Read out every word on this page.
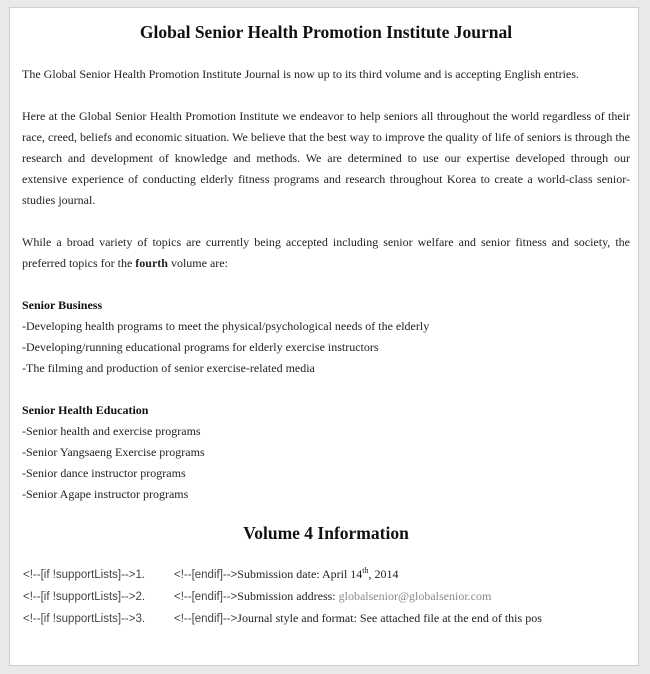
Global Senior Health Promotion Institute Journal

The Global Senior Health Promotion Institute Journal is now up to its third volume and is accepting English entries.

Here at the Global Senior Health Promotion Institute we endeavor to help seniors all throughout the world regardless of their race, creed, beliefs and economic situation. We believe that the best way to improve the quality of life of seniors is through the research and development of knowledge and methods. We are determined to use our expertise developed through our extensive experience of conducting elderly fitness programs and research throughout Korea to create a world-class senior-studies journal.

While a broad variety of topics are currently being accepted including senior welfare and senior fitness and society, the preferred topics for the fourth volume are:

Senior Business

-Developing health programs to meet the physical/psychological needs of the elderly

-Developing/running educational programs for elderly exercise instructors

-The filming and production of senior exercise-related media

Senior Health Education

-Senior health and exercise programs

-Senior Yangsaeng Exercise programs

-Senior dance instructor programs

-Senior Agape instructor programs

Volume 4 Information
<!--[if !supportLists]-->1.	<!--[endif]--> Submission date: April 14th, 2014
<!--[if !supportLists]-->2.	<!--[endif]--> Submission address: globalsenior@globalsenior.com
<!--[if !supportLists]-->3.	<!--[endif]--> Journal style and format: See attached file at the end of this pos
